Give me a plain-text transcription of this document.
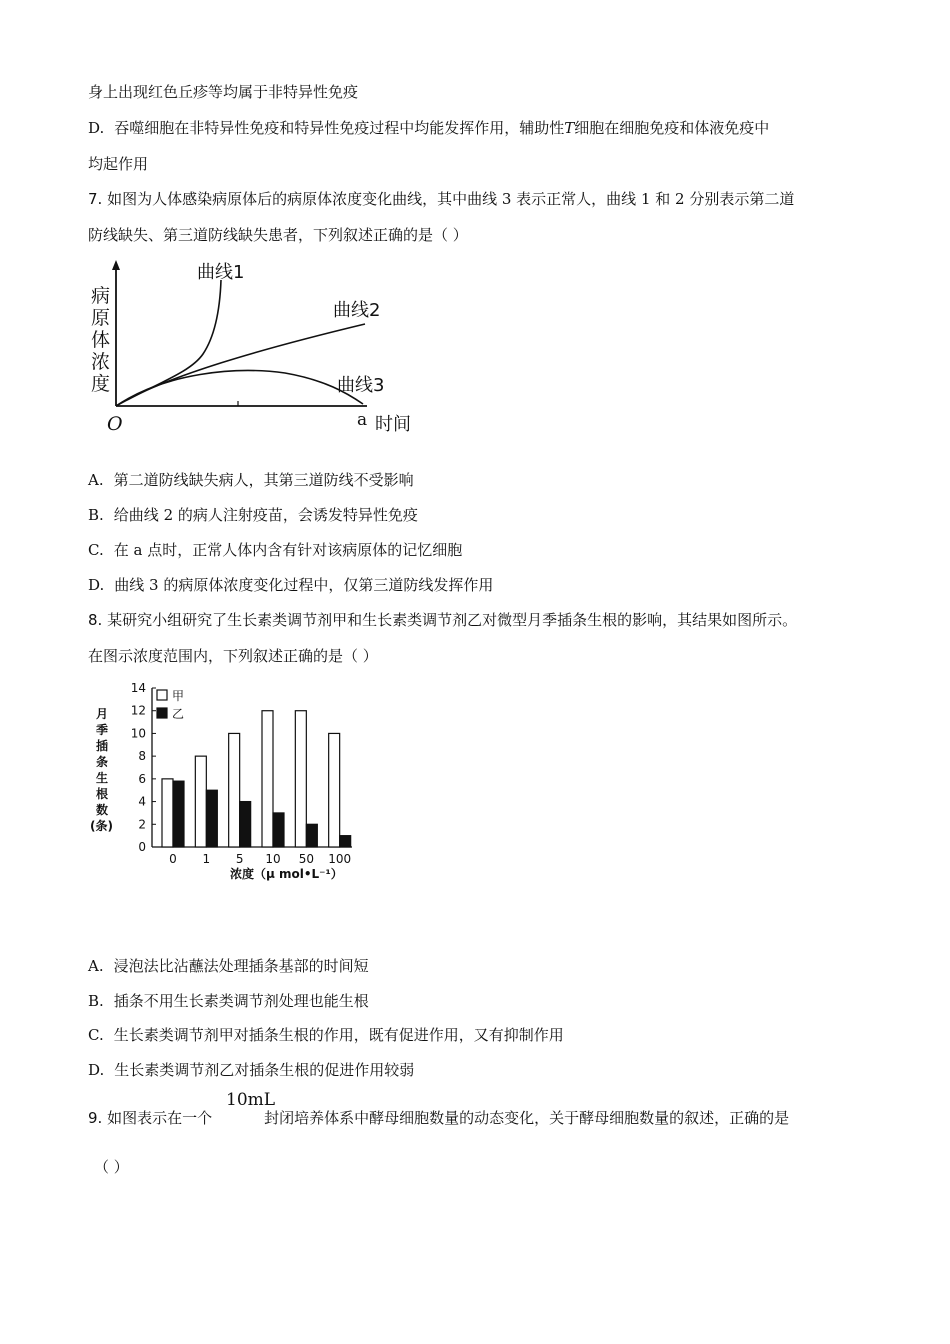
身上出现红色丘疹等均属于非特异性免疫
D. 吞噬细胞在非特异性免疫和特异性免疫过程中均能发挥作用，辅助性T细胞在细胞免疫和体液免疫中
均起作用
7. 如图为人体感染病原体后的病原体浓度变化曲线，其中曲线 3 表示正常人，曲线 1 和 2 分别表示第二道
防线缺失、第三道防线缺失患者，下列叙述正确的是（ ）
病
原
体
浓
度
曲线1
曲线2
曲线3
时间
O	a
A. 第二道防线缺失病人，其第三道防线不受影响
B. 给曲线 2 的病人注射疫苗，会诱发特异性免疫
C. 在 a 点时，正常人体内含有针对该病原体的记忆细胞
D. 曲线 3 的病原体浓度变化过程中，仅第三道防线发挥作用
8. 某研究小组研究了生长素类调节剂甲和生长素类调节剂乙对微型月季插条生根的影响，其结果如图所示。
在图示浓度范围内，下列叙述正确的是（ ）
月
季
插
条
生
根
数
(条)
0
2
4
6
8
10
12
14
0 1 5 10 50 100
甲
乙
浓度（μ mol•L⁻¹）
A. 浸泡法比沾蘸法处理插条基部的时间短
B. 插条不用生长素类调节剂处理也能生根
C. 生长素类调节剂甲对插条生根的作用，既有促进作用，又有抑制作用
D. 生长素类调节剂乙对插条生根的促进作用较弱
9. 如图表示在一个	封闭培养体系中酵母细胞数量的动态变化，关于酵母细胞数量的叙述，正确的是
10mL
（ ）
